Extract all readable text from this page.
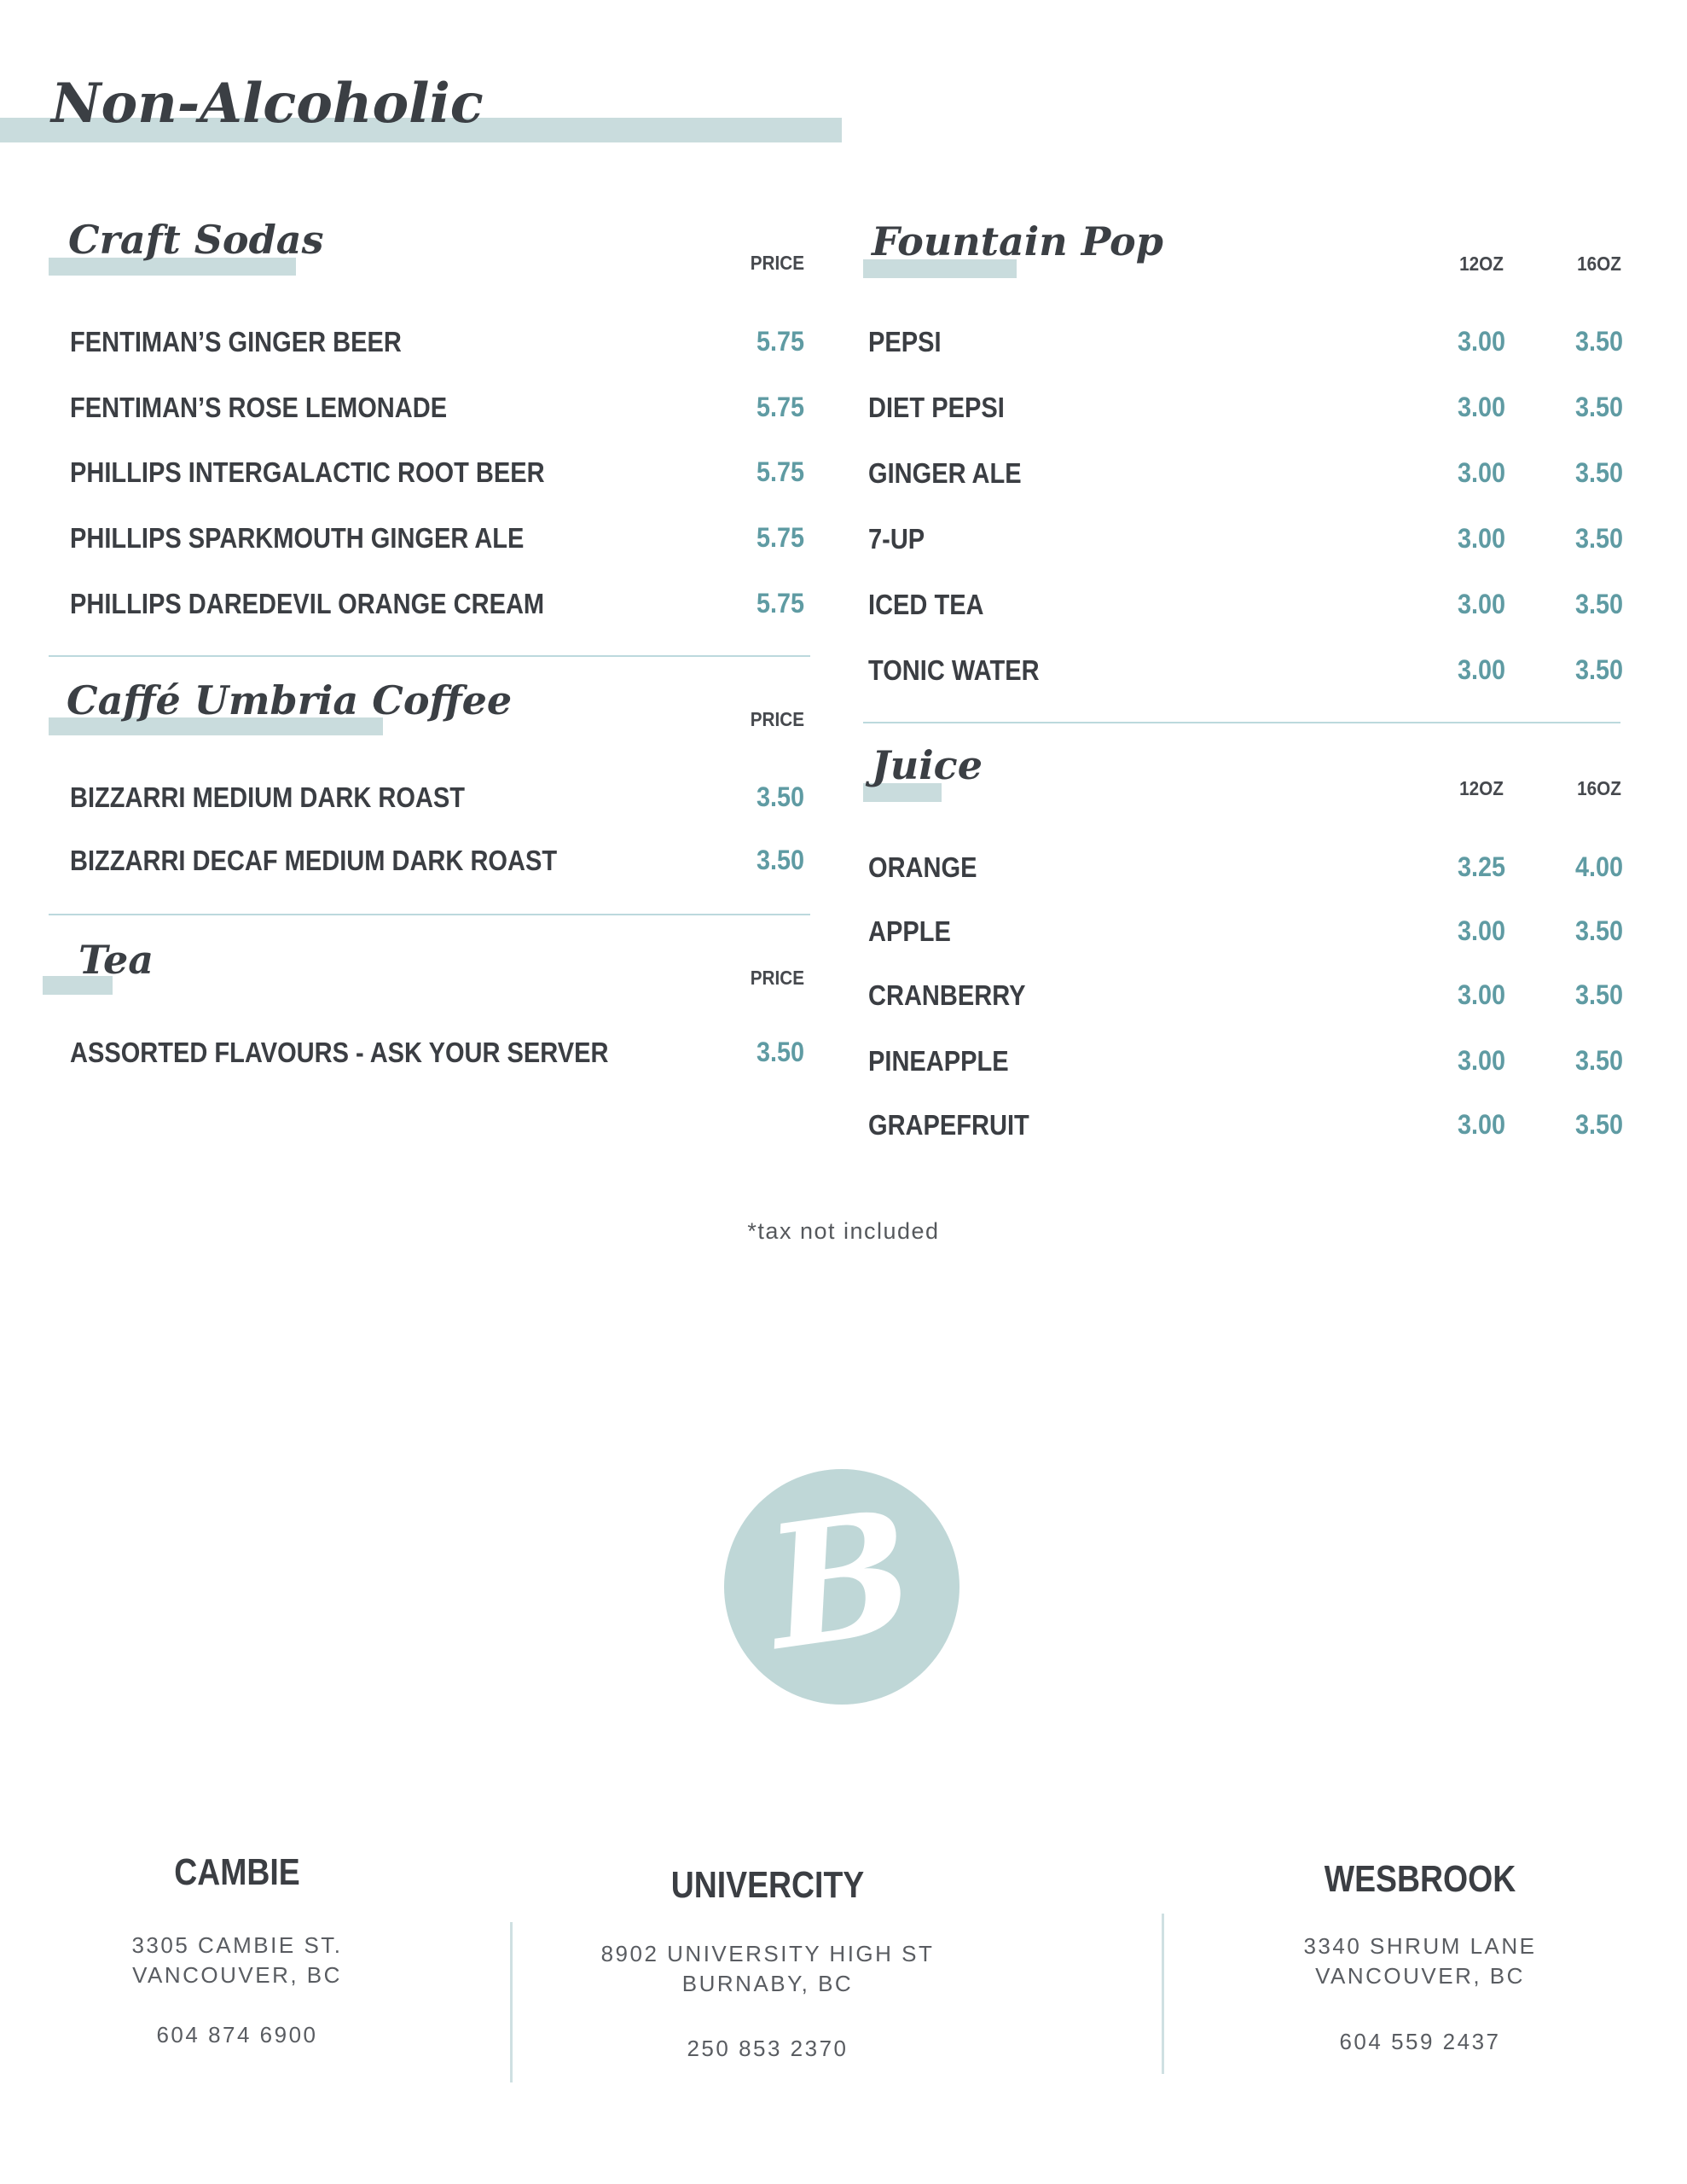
Non-Alcoholic
Craft Sodas	PRICE
FENTIMAN’S GINGER BEER	5.75
FENTIMAN’S ROSE LEMONADE	5.75
PHILLIPS INTERGALACTIC ROOT BEER	5.75
PHILLIPS SPARKMOUTH GINGER ALE	5.75
PHILLIPS DAREDEVIL ORANGE CREAM	5.75
Caffé Umbria Coffee	PRICE
BIZZARRI MEDIUM DARK ROAST	3.50
BIZZARRI DECAF MEDIUM DARK ROAST	3.50
Tea	PRICE
ASSORTED FLAVOURS - ASK YOUR SERVER	3.50
Fountain Pop	12OZ	16OZ
PEPSI	3.00	3.50
DIET PEPSI	3.00	3.50
GINGER ALE	3.00	3.50
7-UP	3.00	3.50
ICED TEA	3.00	3.50
TONIC WATER	3.00	3.50
Juice	12OZ	16OZ
ORANGE	3.25	4.00
APPLE	3.00	3.50
CRANBERRY	3.00	3.50
PINEAPPLE	3.00	3.50
GRAPEFRUIT	3.00	3.50
*tax not included
B
CAMBIE
3305 CAMBIE ST.
VANCOUVER, BC
604 874 6900
UNIVERCITY
8902 UNIVERSITY HIGH ST
BURNABY, BC
250 853 2370
WESBROOK
3340 SHRUM LANE
VANCOUVER, BC
604 559 2437
